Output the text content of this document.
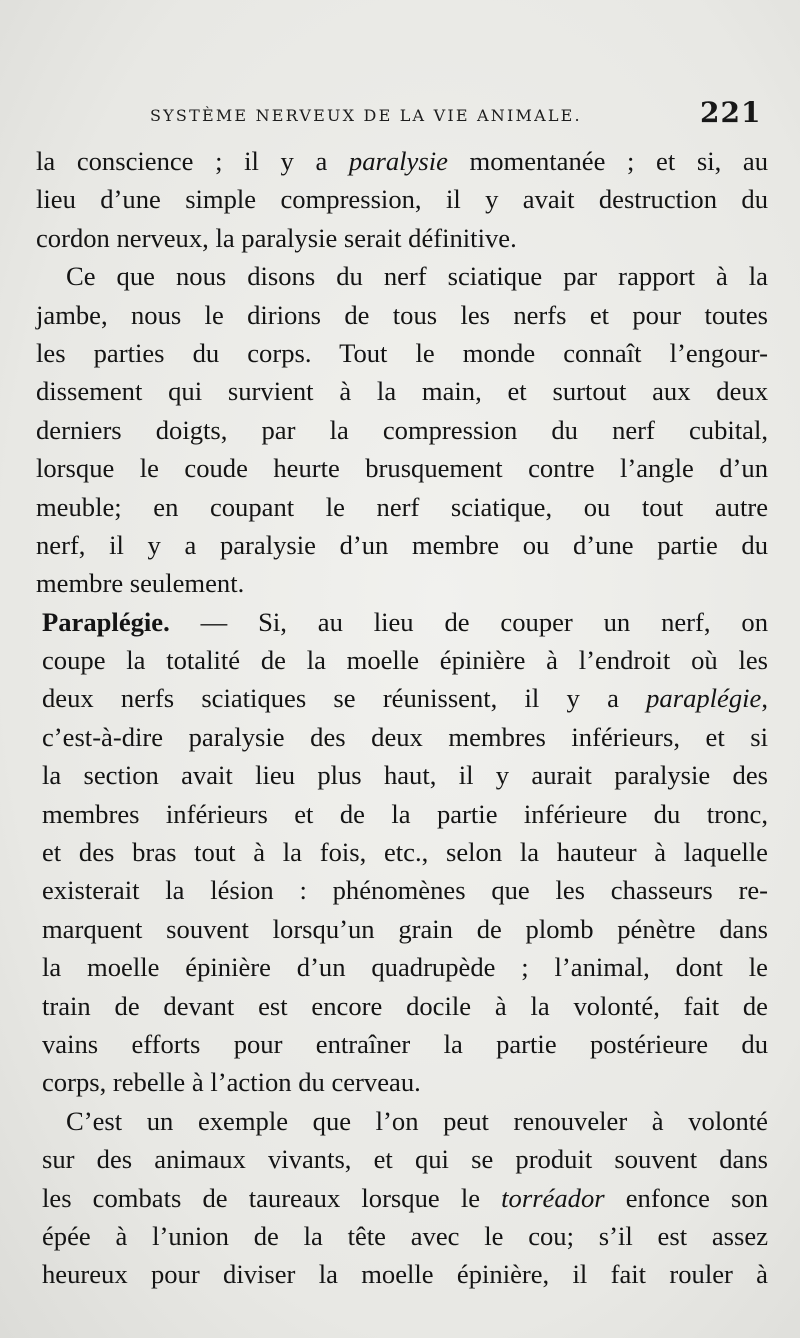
SYSTÈME NERVEUX DE LA VIE ANIMALE.	221
la conscience ; il y a paralysie momentanée ; et si, au
lieu d’une simple compression, il y avait destruction du
cordon nerveux, la paralysie serait définitive.
Ce que nous disons du nerf sciatique par rapport à la
jambe, nous le dirions de tous les nerfs et pour toutes
les parties du corps. Tout le monde connaît l’engour-
dissement qui survient à la main, et surtout aux deux
derniers doigts, par la compression du nerf cubital,
lorsque le coude heurte brusquement contre l’angle d’un
meuble; en coupant le nerf sciatique, ou tout autre
nerf, il y a paralysie d’un membre ou d’une partie du
membre seulement.
Paraplégie. — Si, au lieu de couper un nerf, on
coupe la totalité de la moelle épinière à l’endroit où les
deux nerfs sciatiques se réunissent, il y a paraplégie,
c’est-à-dire paralysie des deux membres inférieurs, et si
la section avait lieu plus haut, il y aurait paralysie des
membres inférieurs et de la partie inférieure du tronc,
et des bras tout à la fois, etc., selon la hauteur à laquelle
existerait la lésion : phénomènes que les chasseurs re-
marquent souvent lorsqu’un grain de plomb pénètre dans
la moelle épinière d’un quadrupède ; l’animal, dont le
train de devant est encore docile à la volonté, fait de
vains efforts pour entraîner la partie postérieure du
corps, rebelle à l’action du cerveau.
C’est un exemple que l’on peut renouveler à volonté
sur des animaux vivants, et qui se produit souvent dans
les combats de taureaux lorsque le torréador enfonce son
épée à l’union de la tête avec le cou; s’il est assez
heureux pour diviser la moelle épinière, il fait rouler à
